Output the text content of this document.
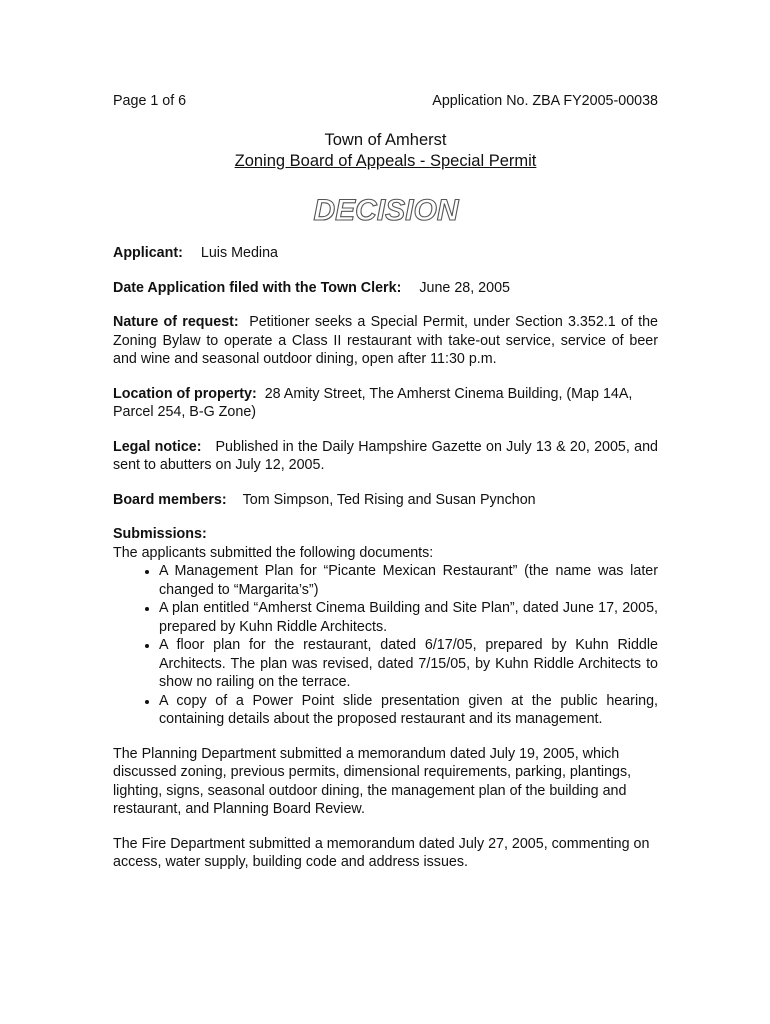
Page 1 of 6	Application No. ZBA FY2005-00038
Town of Amherst
Zoning Board of Appeals - Special Permit
DECISION

Applicant: Luis Medina

Date Application filed with the Town Clerk: June 28, 2005

Nature of request: Petitioner seeks a Special Permit, under Section 3.352.1 of the Zoning Bylaw to operate a Class II restaurant with take-out service, service of beer and wine and seasonal outdoor dining, open after 11:30 p.m.

Location of property: 28 Amity Street, The Amherst Cinema Building, (Map 14A, Parcel 254, B-G Zone)

Legal notice: Published in the Daily Hampshire Gazette on July 13 & 20, 2005, and sent to abutters on July 12, 2005.

Board members: Tom Simpson, Ted Rising and Susan Pynchon

Submissions:
The applicants submitted the following documents:
• A Management Plan for “Picante Mexican Restaurant” (the name was later changed to “Margarita’s”)
• A plan entitled “Amherst Cinema Building and Site Plan”, dated June 17, 2005, prepared by Kuhn Riddle Architects.
• A floor plan for the restaurant, dated 6/17/05, prepared by Kuhn Riddle Architects. The plan was revised, dated 7/15/05, by Kuhn Riddle Architects to show no railing on the terrace.
• A copy of a Power Point slide presentation given at the public hearing, containing details about the proposed restaurant and its management.

The Planning Department submitted a memorandum dated July 19, 2005, which discussed zoning, previous permits, dimensional requirements, parking, plantings, lighting, signs, seasonal outdoor dining, the management plan of the building and restaurant, and Planning Board Review.

The Fire Department submitted a memorandum dated July 27, 2005, commenting on access, water supply, building code and address issues.
